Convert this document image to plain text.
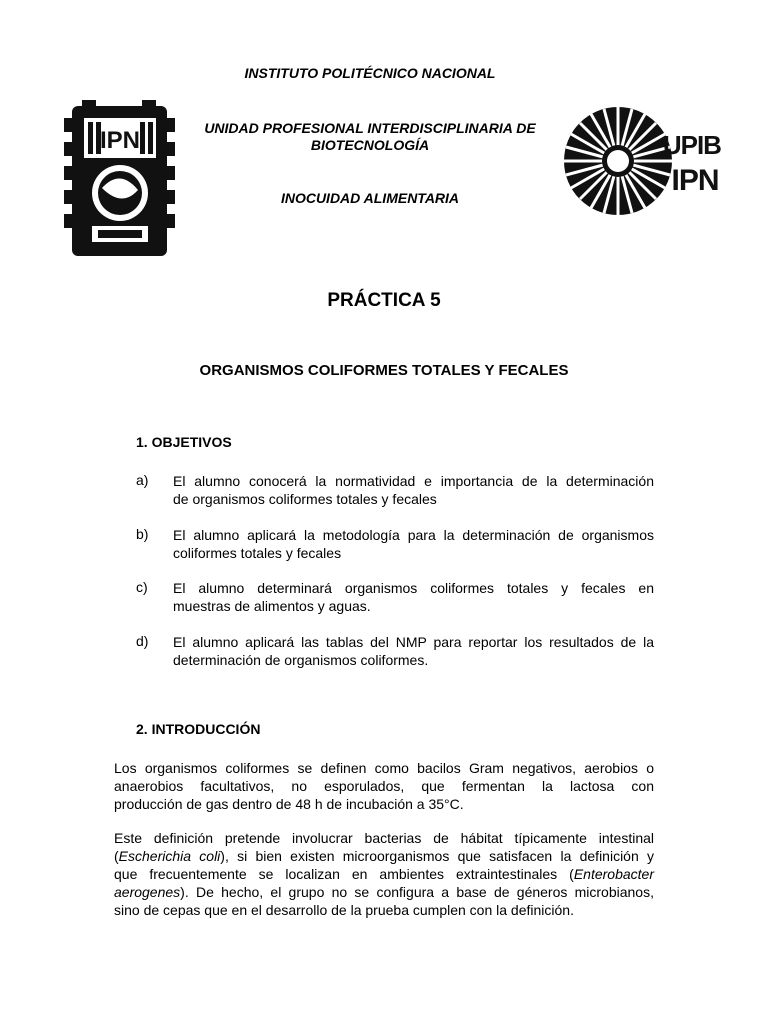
INSTITUTO POLITÉCNICO NACIONAL
UNIDAD PROFESIONAL INTERDISCIPLINARIA DE
BIOTECNOLOGÍA
INOCUIDAD ALIMENTARIA
IPN	UPIBI
IPN
PRÁCTICA 5
ORGANISMOS COLIFORMES TOTALES Y FECALES
1. OBJETIVOS
a) El alumno conocerá la normatividad e importancia de la determinación
de organismos coliformes totales y fecales
b) El alumno aplicará la metodología para la determinación de organismos
coliformes totales y fecales
c) El alumno determinará organismos coliformes totales y fecales en
muestras de alimentos y aguas.
d) El alumno aplicará las tablas del NMP para reportar los resultados de la
determinación de organismos coliformes.
2. INTRODUCCIÓN
Los organismos coliformes se definen como bacilos Gram negativos, aerobios o
anaerobios facultativos, no esporulados, que fermentan la lactosa con
producción de gas dentro de 48 h de incubación a 35°C.
Este definición pretende involucrar bacterias de hábitat típicamente intestinal
(Escherichia coli), si bien existen microorganismos que satisfacen la definición y
que frecuentemente se localizan en ambientes extraintestinales (Enterobacter
aerogenes). De hecho, el grupo no se configura a base de géneros microbianos,
sino de cepas que en el desarrollo de la prueba cumplen con la definición.
